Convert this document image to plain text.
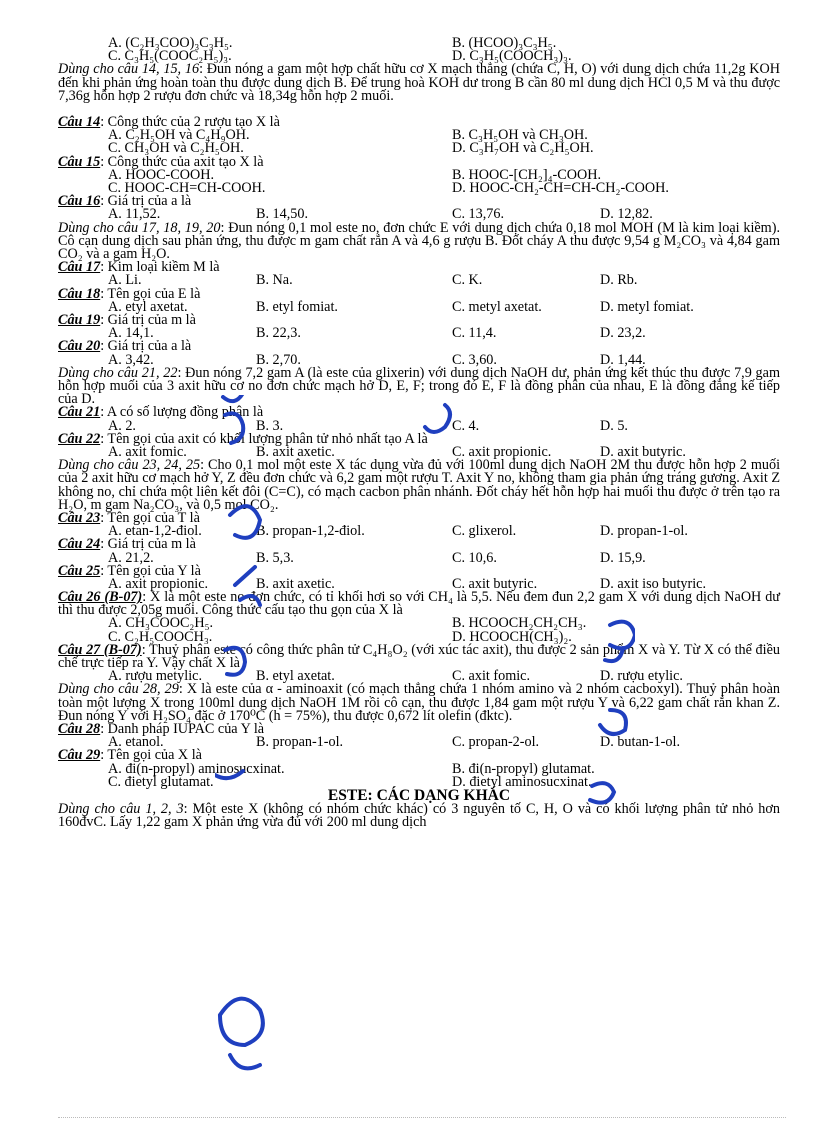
A. (C₂H₃COO)₃C₃H₅.	B. (HCOO)₃C₃H₅.
C. C₃H₅(COOC₂H₅)₃.	D. C₃H₅(COOCH₃)₃.
Dùng cho câu 14, 15, 16: Đun nóng a gam một hợp chất hữu cơ X mạch thẳng (chứa C, H, O) với dung dịch chứa 11,2g KOH đến khi phản ứng hoàn toàn thu được dung dịch B. Để trung hoà KOH dư trong B cần 80 ml dung dịch HCl 0,5 M và thu được 7,36g hỗn hợp 2 rượu đơn chức và 18,34g hỗn hợp 2 muối.
Câu 14: Công thức của 2 rượu tạo X là
A. C₂H₅OH và C₄H₉OH.	B. C₃H₅OH và CH₃OH.
C. CH₃OH và C₂H₅OH.	D. C₃H₇OH và C₂H₅OH.
Câu 15: Công thức của axit tạo X là
A. HOOC-COOH.	B. HOOC-[CH₂]₄-COOH.
C. HOOC-CH=CH-COOH.	D. HOOC-CH₂-CH=CH-CH₂-COOH.
Câu 16: Giá trị của a là
A. 11,52.	B. 14,50.	C. 13,76.	D. 12,82.
Dùng cho câu 17, 18, 19, 20: Đun nóng 0,1 mol este no, đơn chức E với dung dịch chứa 0,18 mol MOH (M là kim loại kiềm). Cô cạn dung dịch sau phản ứng, thu được m gam chất rắn A và 4,6 g rượu B. Đốt cháy A thu được 9,54 g M₂CO₃ và 4,84 gam CO₂ và a gam H₂O.
Câu 17: Kim loại kiềm M là
A. Li.	B. Na.	C. K.	D. Rb.
Câu 18: Tên gọi của E là
A. etyl axetat.	B. etyl fomiat.	C. metyl axetat.	D. metyl fomiat.
Câu 19: Giá trị của m là
A. 14,1.	B. 22,3.	C. 11,4.	D. 23,2.
Câu 20: Giá trị của a là
A. 3,42.	B. 2,70.	C. 3,60.	D. 1,44.
Dùng cho câu 21, 22: Đun nóng 7,2 gam A (là este của glixerin) với dung dịch NaOH dư, phản ứng kết thúc thu được 7,9 gam hỗn hợp muối của 3 axit hữu cơ no đơn chức mạch hở D, E, F; trong đó E, F là đồng phân của nhau, E là đồng đẳng kế tiếp của D.
Câu 21: A có số lượng đồng phân là
A. 2.	B. 3.	C. 4.	D. 5.
Câu 22: Tên gọi của axit có khối lượng phân tử nhỏ nhất tạo A là
A. axit fomic.	B. axit axetic.	C. axit propionic.	D. axit butyric.
Dùng cho câu 23, 24, 25: Cho 0,1 mol một este X tác dụng vừa đủ với 100ml dung dịch NaOH 2M thu được hỗn hợp 2 muối của 2 axit hữu cơ mạch hở Y, Z đều đơn chức và 6,2 gam một rượu T. Axit Y no, không tham gia phản ứng tráng gương. Axit Z không no, chỉ chứa một liên kết đôi (C=C), có mạch cacbon phân nhánh. Đốt cháy hết hỗn hợp hai muối thu được ở trên tạo ra H₂O, m gam Na₂CO₃, và 0,5 mol CO₂.
Câu 23: Tên gọi của T là
A. etan-1,2-điol.	B. propan-1,2-điol.	C. glixerol.	D. propan-1-ol.
Câu 24: Giá trị của m là
A. 21,2.	B. 5,3.	C. 10,6.	D. 15,9.
Câu 25: Tên gọi của Y là
A. axit propionic.	B. axit axetic.	C. axit butyric.	D. axit iso butyric.
Câu 26 (B-07): X là một este no đơn chức, có tỉ khối hơi so với CH₄ là 5,5. Nếu đem đun 2,2 gam X với dung dịch NaOH dư thì thu được 2,05g muối. Công thức cấu tạo thu gọn của X là
A. CH₃COOC₂H₅.	B. HCOOCH₂CH₂CH₃.
C. C₂H₅COOCH₃.	D. HCOOCH(CH₃)₂.
Câu 27 (B-07): Thuỷ phân este có công thức phân tử C₄H₈O₂ (với xúc tác axit), thu được 2 sản phẩm X và Y. Từ X có thể điều chế trực tiếp ra Y. Vậy chất X là
A. rượu metylic.	B. etyl axetat.	C. axit fomic.	D. rượu etylic.
Dùng cho câu 28, 29: X là este của α - aminoaxit (có mạch thẳng chứa 1 nhóm amino và 2 nhóm cacboxyl). Thuỷ phân hoàn toàn một lượng X trong 100ml dung dịch NaOH 1M rồi cô cạn, thu được 1,84 gam một rượu Y và 6,22 gam chất rắn khan Z. Đun nóng Y với H₂SO₄ đặc ở 170⁰C (h = 75%), thu được 0,672 lít olefin (đktc).
Câu 28: Danh pháp IUPAC của Y là
A. etanol.	B. propan-1-ol.	C. propan-2-ol.	D. butan-1-ol.
Câu 29: Tên gọi của X là
A. đi(n-propyl) aminosucxinat.	B. đi(n-propyl) glutamat.
C. đietyl glutamat.	D. đietyl aminosucxinat.
ESTE: CÁC DẠNG KHÁC
Dùng cho câu 1, 2, 3: Một este X (không có nhóm chức khác) có 3 nguyên tố C, H, O và có khối lượng phân tử nhỏ hơn 160đvC. Lấy 1,22 gam X phản ứng vừa đủ với 200 ml dung dịch
